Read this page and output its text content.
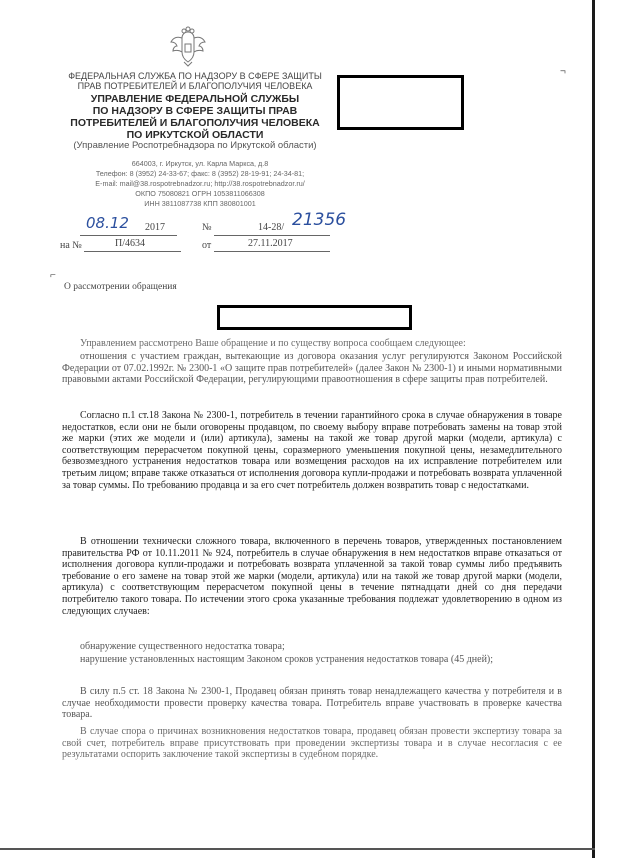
ФЕДЕРАЛЬНАЯ СЛУЖБА ПО НАДЗОРУ В СФЕРЕ ЗАЩИТЫ
ПРАВ ПОТРЕБИТЕЛЕЙ И БЛАГОПОЛУЧИЯ ЧЕЛОВЕКА
УПРАВЛЕНИЕ ФЕДЕРАЛЬНОЙ СЛУЖБЫ
ПО НАДЗОРУ В СФЕРЕ ЗАЩИТЫ ПРАВ
ПОТРЕБИТЕЛЕЙ И БЛАГОПОЛУЧИЯ ЧЕЛОВЕКА
ПО ИРКУТСКОЙ ОБЛАСТИ
(Управление Роспотребнадзора по Иркутской области)
664003, г. Иркутск, ул. Карла Маркса, д.8
Телефон: 8 (3952) 24-33-67; факс: 8 (3952) 28-19-91; 24-34-81;
E-mail: mail@38.rospotrebnadzor.ru; http://38.rospotrebnadzor.ru/
ОКПО 75080821 ОГРН 1053811066308
ИНН 3811087738 КПП 380801001
¬
⌐
08.12 2017	№	14-28/ 21356
на №	П/4634	от	27.11.2017
О рассмотрении обращения

Управлением рассмотрено Ваше обращение и по существу вопроса сообщаем следующее:

отношения с участием граждан, вытекающие из договора оказания услуг регулируются Законом Российской Федерации от 07.02.1992г. № 2300-1 «О защите прав потребителей» (далее Закон № 2300-1) и иными нормативными правовыми актами Российской Федерации, регулирующими правоотношения в сфере защиты прав потребителей.

Согласно п.1 ст.18 Закона № 2300-1, потребитель в течении гарантийного срока в случае обнаружения в товаре недостатков, если они не были оговорены продавцом, по своему выбору вправе потребовать замены на товар этой же марки (этих же модели и (или) артикула), замены на такой же товар другой марки (модели, артикула) с соответствующим перерасчетом покупной цены, соразмерного уменьшения покупной цены, незамедлительного безвозмездного устранения недостатков товара или возмещения расходов на их исправление потребителем или третьим лицом; вправе также отказаться от исполнения договора купли-продажи и потребовать возврата уплаченной за товар суммы. По требованию продавца и за его счет потребитель должен возвратить товар с недостатками.

В отношении технически сложного товара, включенного в перечень товаров, утвержденных постановлением правительства РФ от 10.11.2011 № 924, потребитель в случае обнаружения в нем недостатков вправе отказаться от исполнения договора купли-продажи и потребовать возврата уплаченной за такой товар суммы либо предъявить требование о его замене на товар этой же марки (модели, артикула) или на такой же товар другой марки (модели, артикула) с соответствующим перерасчетом покупной цены в течение пятнадцати дней со дня передачи потребителю такого товара. По истечении этого срока указанные требования подлежат удовлетворению в одном из следующих случаев:

обнаружение существенного недостатка товара;

нарушение установленных настоящим Законом сроков устранения недостатков товара (45 дней);

В силу п.5 ст. 18 Закона № 2300-1, Продавец обязан принять товар ненадлежащего качества у потребителя и в случае необходимости провести проверку качества товара. Потребитель вправе участвовать в проверке качества товара.

В случае спора о причинах возникновения недостатков товара, продавец обязан провести экспертизу товара за свой счет, потребитель вправе присутствовать при проведении экспертизы товара и в случае несогласия с ее результатами оспорить заключение такой экспертизы в судебном порядке.
